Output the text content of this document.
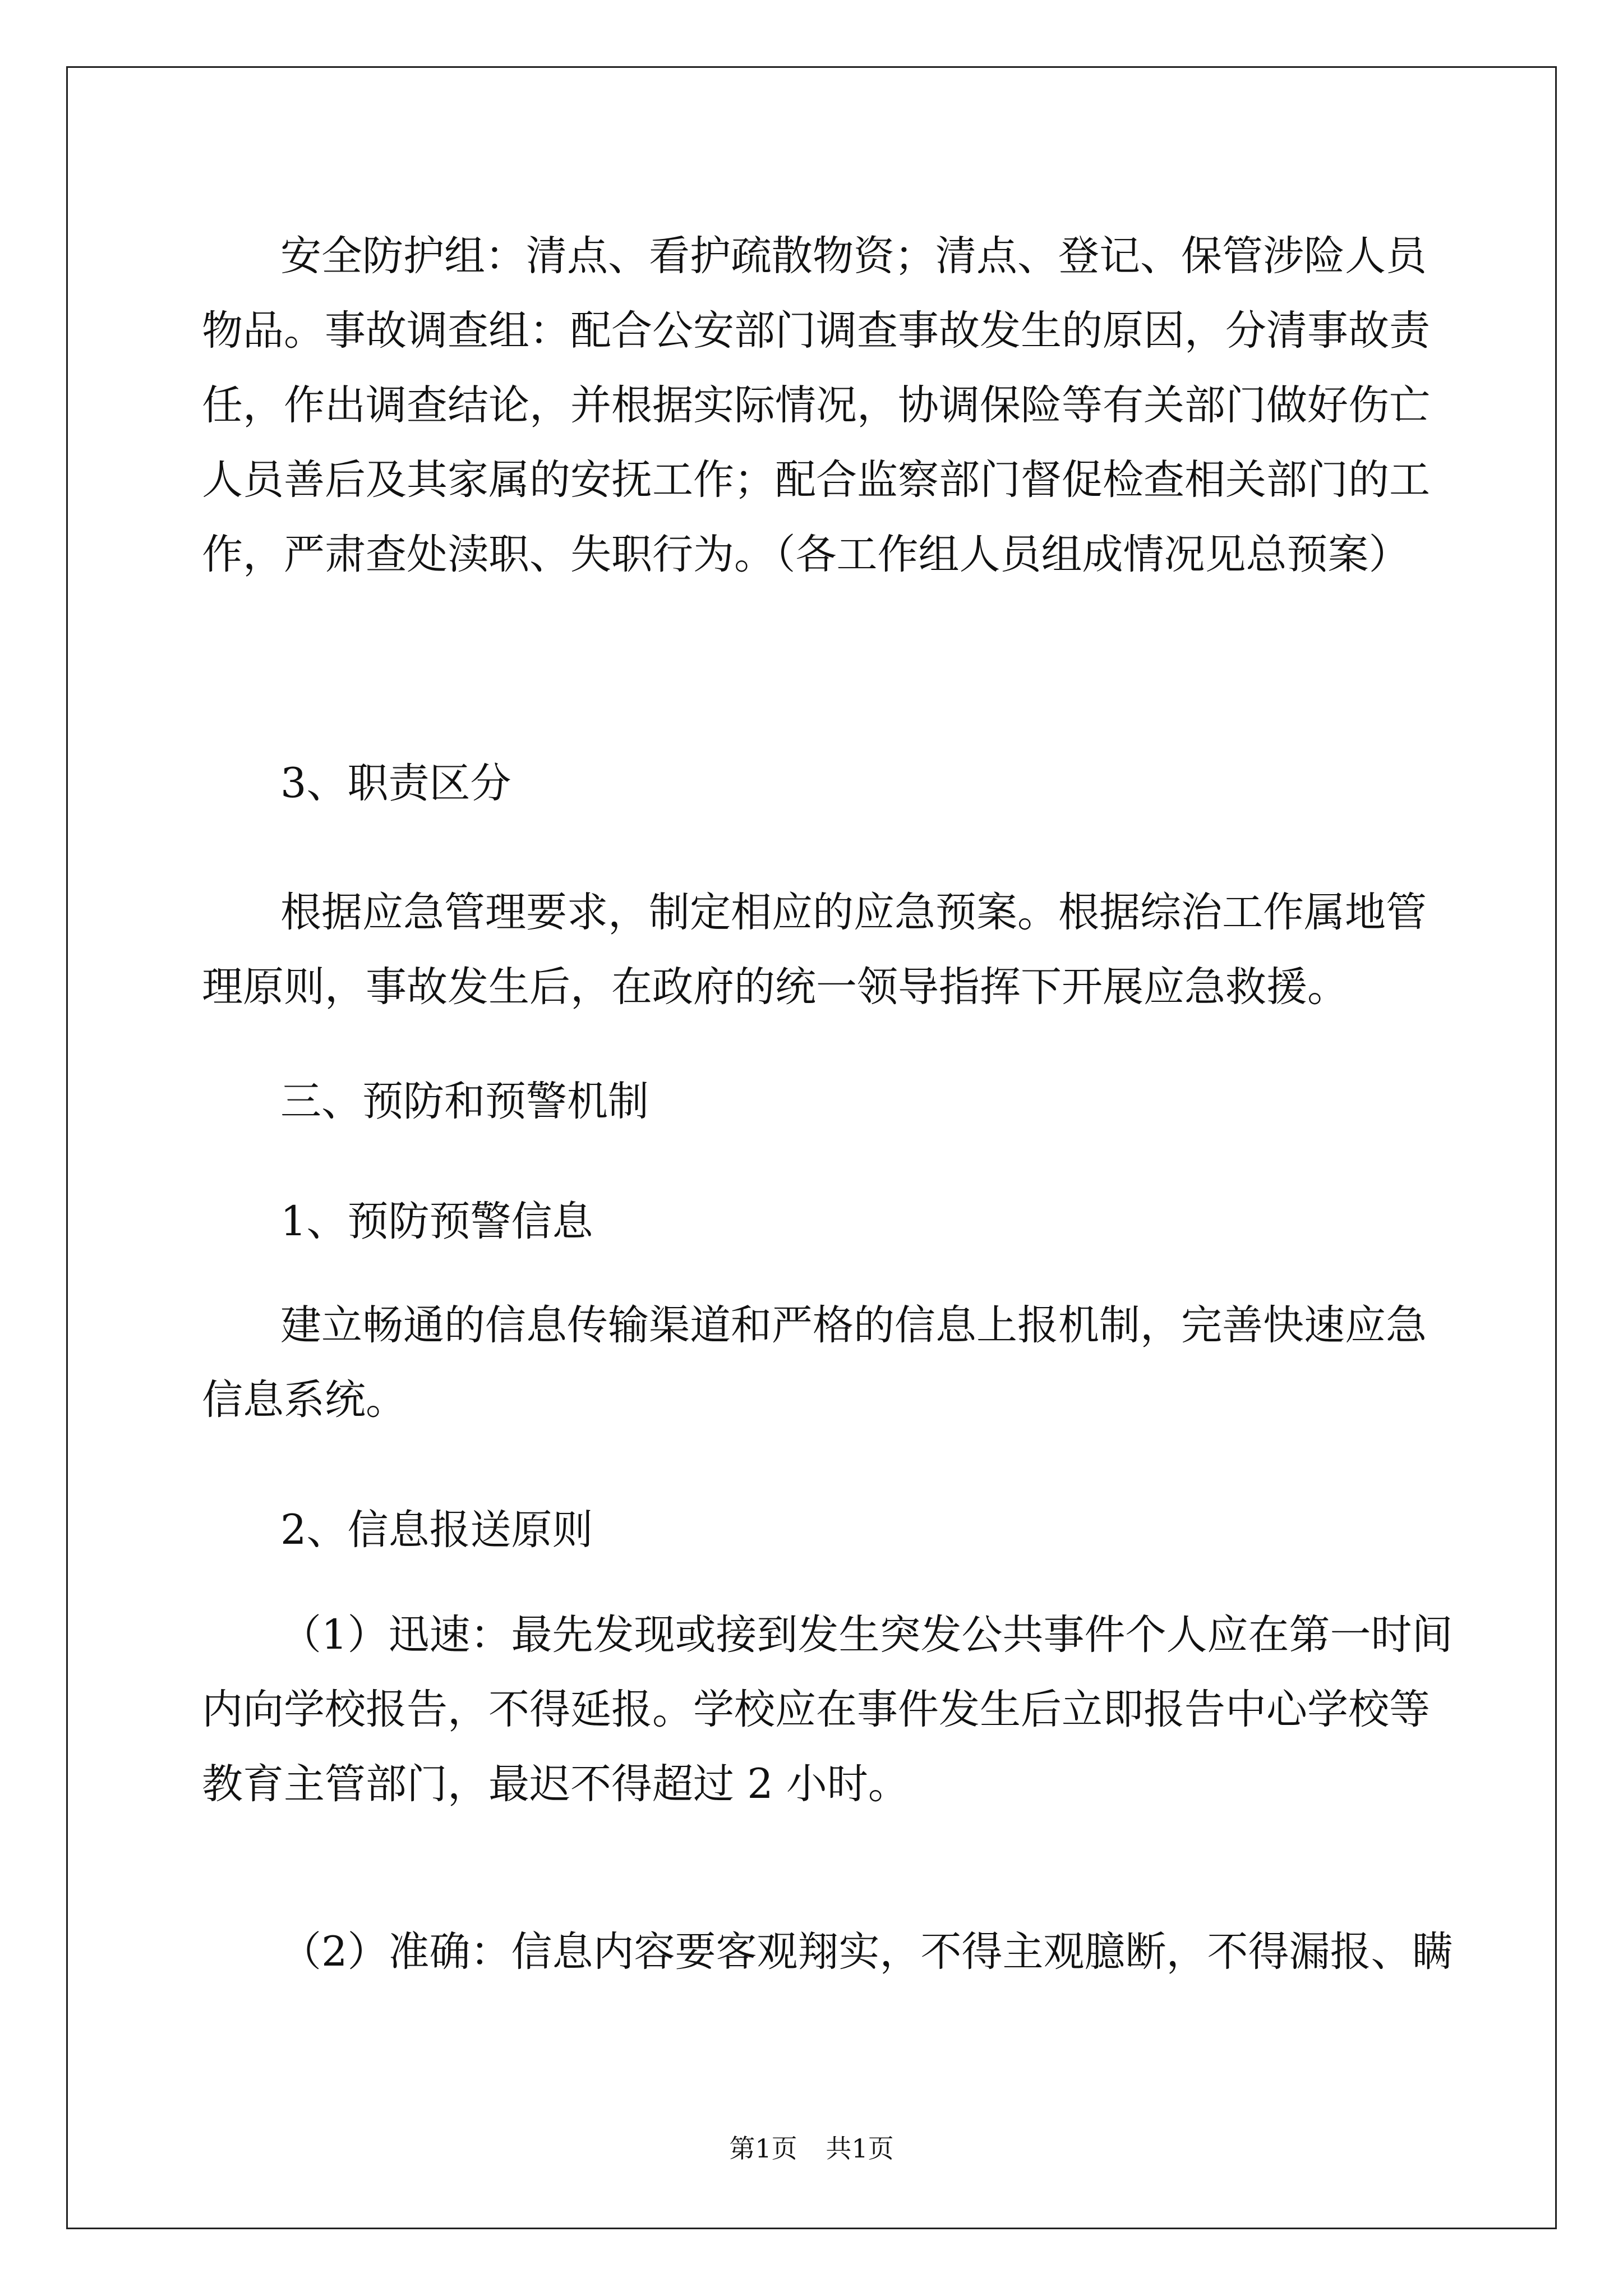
安全防护组：清点、看护疏散物资；清点、登记、保管涉险人员

物品。事故调查组：配合公安部门调查事故发生的原因，分清事故责

任，作出调查结论，并根据实际情况，协调保险等有关部门做好伤亡

人员善后及其家属的安抚工作；配合监察部门督促检查相关部门的工

作，严肃查处渎职、失职行为。（各工作组人员组成情况见总预案）

3、职责区分

根据应急管理要求，制定相应的应急预案。根据综治工作属地管

理原则，事故发生后，在政府的统一领导指挥下开展应急救援。

三、预防和预警机制

1、预防预警信息

建立畅通的信息传输渠道和严格的信息上报机制，完善快速应急

信息系统。

2、信息报送原则

（1）迅速：最先发现或接到发生突发公共事件个人应在第一时间

内向学校报告，不得延报。学校应在事件发生后立即报告中心学校等

教育主管部门，最迟不得超过 2 小时。

（2）准确：信息内容要客观翔实，不得主观臆断，不得漏报、瞒

第1页 共1页
